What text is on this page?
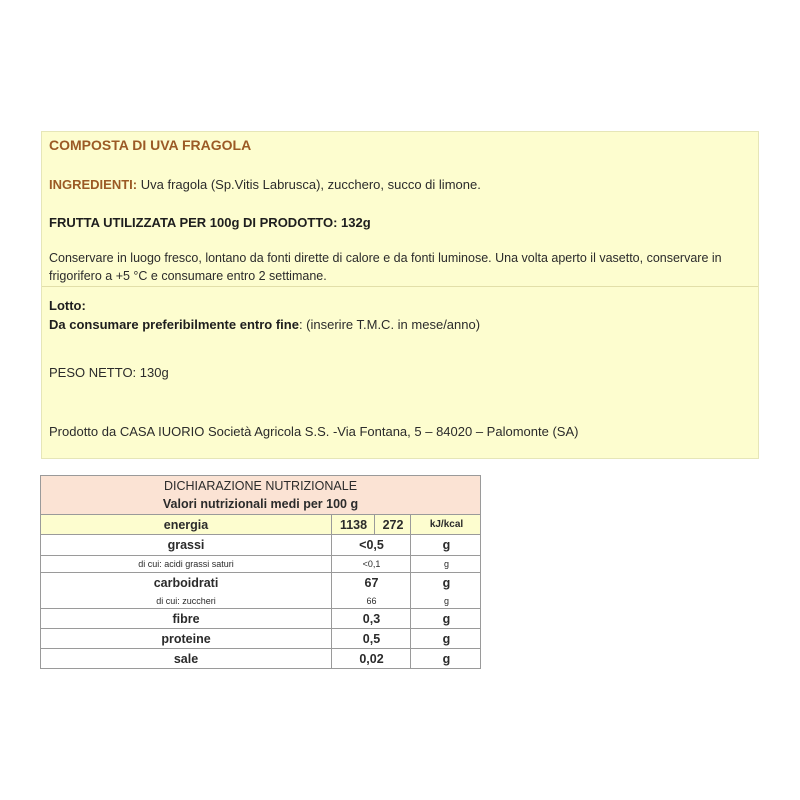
COMPOSTA DI UVA FRAGOLA
INGREDIENTI: Uva fragola (Sp.Vitis Labrusca), zucchero, succo di limone.
FRUTTA UTILIZZATA PER 100g DI PRODOTTO: 132g
Conservare in luogo fresco, lontano da fonti dirette di calore e da fonti luminose. Una volta aperto il vasetto, conservare in
frigorifero a +5 °C e consumare entro 2 settimane.
Lotto:
Da consumare preferibilmente entro fine: (inserire T.M.C. in mese/anno)
PESO NETTO: 130g
Prodotto da CASA IUORIO Società Agricola S.S. -Via Fontana, 5 – 84020 – Palomonte (SA)
DICHIARAZIONE NUTRIZIONALE
Valori nutrizionali medi per 100 g
energia	1138	272	kJ/kcal
grassi	<0,5	g
di cui: acidi grassi saturi	<0,1	g
carboidrati	67	g
di cui: zuccheri	66	g
fibre	0,3	g
proteine	0,5	g
sale	0,02	g
